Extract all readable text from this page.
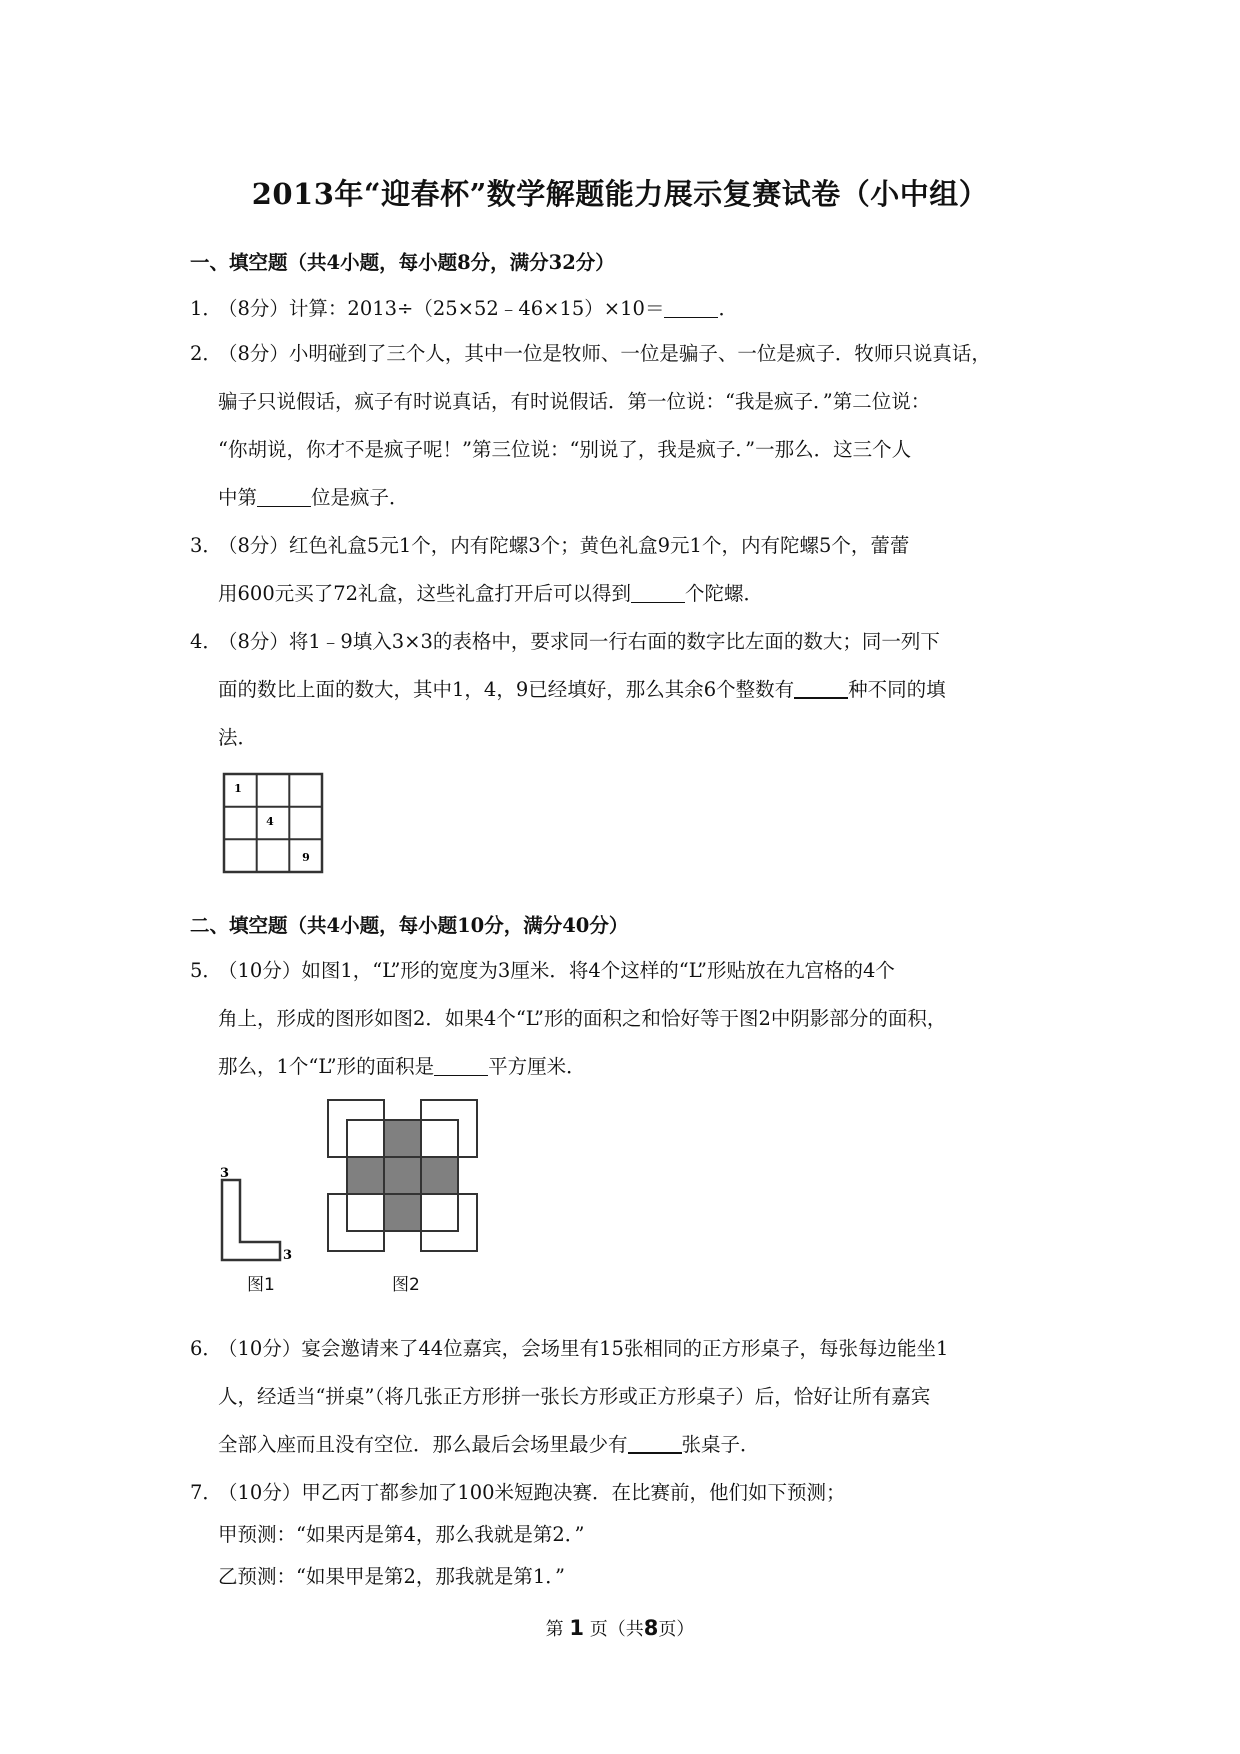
2013年“迎春杯”数学解题能力展示复赛试卷（小中组）
一、填空题（共4小题，每小题8分，满分32分）
1．
（8分）计算：2013÷（25×52﹣46×15）×10＝	．
2．
（8分）小明碰到了三个人，其中一位是牧师、一位是骗子、一位是疯子．牧师只说真话，
骗子只说假话，疯子有时说真话，有时说假话．第一位说：“我是疯子．”第二位说：
“你胡说，你才不是疯子呢！”第三位说：“别说了，我是疯子．”一那么．这三个人
中第	位是疯子．
3．
（8分）红色礼盒5元1个，内有陀螺3个；黄色礼盒9元1个，内有陀螺5个，蕾蕾
用600元买了72礼盒，这些礼盒打开后可以得到	个陀螺．
4．
（8分）将1﹣9填入3×3的表格中，要求同一行右面的数字比左面的数大；同一列下
面的数比上面的数大，其中1，4，9已经填好，那么其余6个整数有	种不同的填
法．
1
4
9
二、填空题（共4小题，每小题10分，满分40分）
5．
（10分）如图1，“L”形的宽度为3厘米．将4个这样的“L”形贴放在九宫格的4个
角上，形成的图形如图2．如果4个“L”形的面积之和恰好等于图2中阴影部分的面积，
那么，1个“L”形的面积是	平方厘米．
3
3
图1	图2
6．
（10分）宴会邀请来了44位嘉宾，会场里有15张相同的正方形桌子，每张每边能坐1
人，经适当“拼桌”（将几张正方形拼一张长方形或正方形桌子）后，恰好让所有嘉宾
全部入座而且没有空位．那么最后会场里最少有	张桌子．
7．
（10分）甲乙丙丁都参加了100米短跑决赛．在比赛前，他们如下预测；
甲预测：“如果丙是第4，那么我就是第2．”
乙预测：“如果甲是第2，那我就是第1．”
第 1 页（共8页）
